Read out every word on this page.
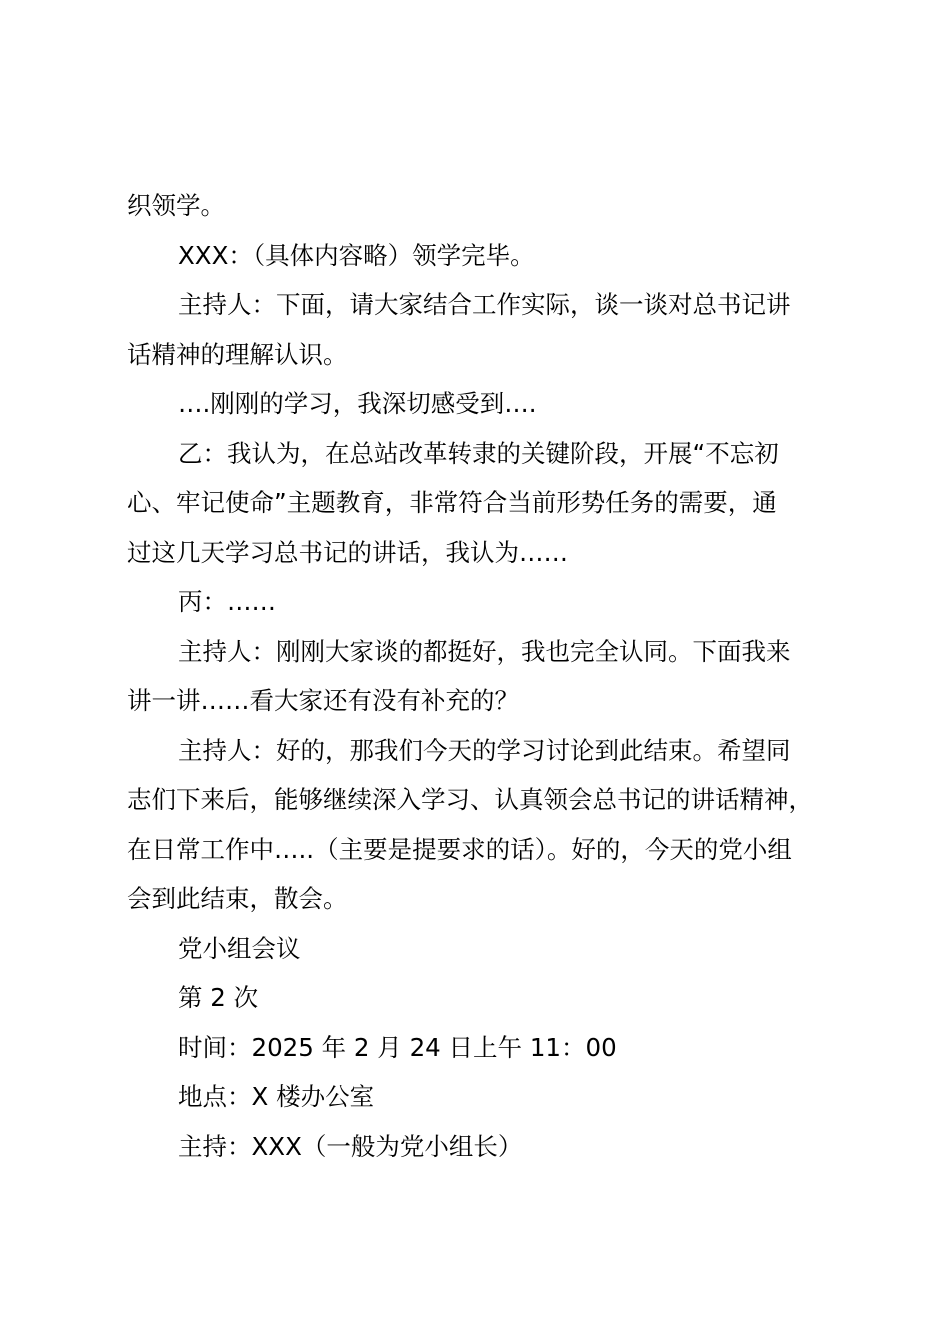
织领学。
XXX：（具体内容略）领学完毕。
主持人：下面，请大家结合工作实际，谈一谈对总书记讲
话精神的理解认识。
….刚刚的学习，我深切感受到….
乙：我认为，在总站改革转隶的关键阶段，开展“不忘初
心、牢记使命”主题教育，非常符合当前形势任务的需要，通
过这几天学习总书记的讲话，我认为……
丙：……
主持人：刚刚大家谈的都挺好，我也完全认同。下面我来
讲一讲……看大家还有没有补充的？
主持人：好的，那我们今天的学习讨论到此结束。希望同
志们下来后，能够继续深入学习、认真领会总书记的讲话精神，
在日常工作中…..（主要是提要求的话）。好的，今天的党小组
会到此结束，散会。
党小组会议
第 2 次
时间：2025 年 2 月 24 日上午 11：00
地点：X 楼办公室
主持：XXX（一般为党小组长）
